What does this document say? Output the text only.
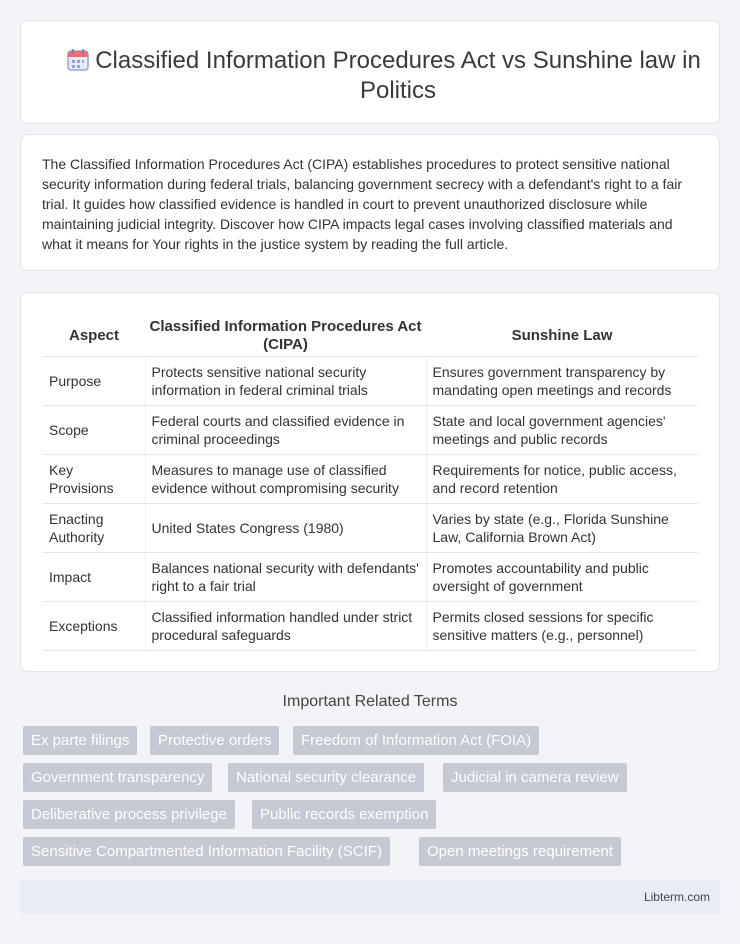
Classified Information Procedures Act vs Sunshine law in Politics

The Classified Information Procedures Act (CIPA) establishes procedures to protect sensitive national security information during federal trials, balancing government secrecy with a defendant's right to a fair trial. It guides how classified evidence is handled in court to prevent unauthorized disclosure while maintaining judicial integrity. Discover how CIPA impacts legal cases involving classified materials and what it means for Your rights in the justice system by reading the full article.

Aspect	Classified Information Procedures Act (CIPA)	Sunshine Law
Purpose	Protects sensitive national security information in federal criminal trials	Ensures government transparency by mandating open meetings and records
Scope	Federal courts and classified evidence in criminal proceedings	State and local government agencies' meetings and public records
Key Provisions	Measures to manage use of classified evidence without compromising security	Requirements for notice, public access, and record retention
Enacting Authority	United States Congress (1980)	Varies by state (e.g., Florida Sunshine Law, California Brown Act)
Impact	Balances national security with defendants' right to a fair trial	Promotes accountability and public oversight of government
Exceptions	Classified information handled under strict procedural safeguards	Permits closed sessions for specific sensitive matters (e.g., personnel)
Important Related Terms
Ex parte filings	Protective orders	Freedom of Information Act (FOIA)
Government transparency	National security clearance	Judicial in camera review
Deliberative process privilege	Public records exemption
Sensitive Compartmented Information Facility (SCIF)	Open meetings requirement
Libterm.com
